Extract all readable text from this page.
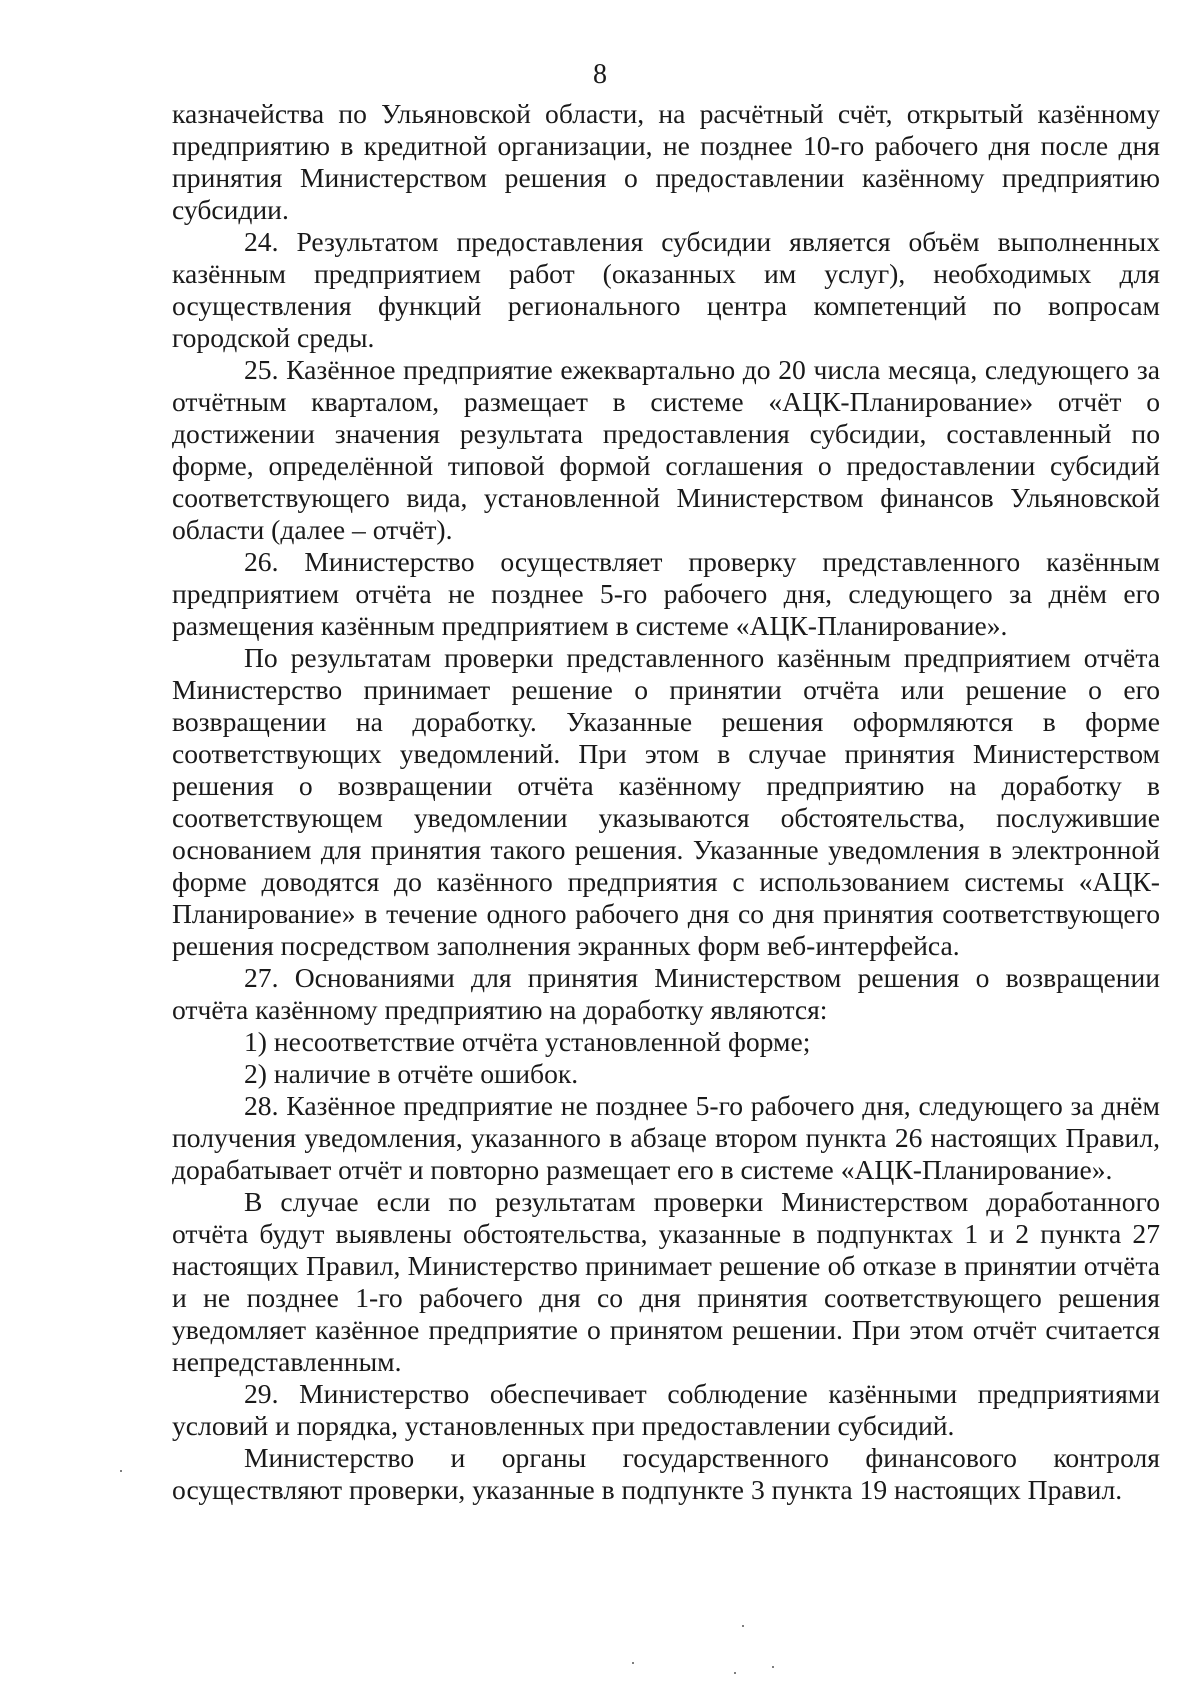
8

казначейства по Ульяновской области, на расчётный счёт, открытый казённому предприятию в кредитной организации, не позднее 10-го рабочего дня после дня принятия Министерством решения о предоставлении казённому предприятию субсидии.

24. Результатом предоставления субсидии является объём выполненных казённым предприятием работ (оказанных им услуг), необходимых для осуществления функций регионального центра компетенций по вопросам городской среды.

25. Казённое предприятие ежеквартально до 20 числа месяца, следующего за отчётным кварталом, размещает в системе «АЦК-Планирование» отчёт о достижении значения результата предоставления субсидии, составленный по форме, определённой типовой формой соглашения о предоставлении субсидий соответствующего вида, установленной Министерством финансов Ульяновской области (далее – отчёт).

26. Министерство осуществляет проверку представленного казённым предприятием отчёта не позднее 5-го рабочего дня, следующего за днём его размещения казённым предприятием в системе «АЦК-Планирование».

По результатам проверки представленного казённым предприятием отчёта Министерство принимает решение о принятии отчёта или решение о его возвращении на доработку. Указанные решения оформляются в форме соответствующих уведомлений. При этом в случае принятия Министерством решения о возвращении отчёта казённому предприятию на доработку в соответствующем уведомлении указываются обстоятельства, послужившие основанием для принятия такого решения. Указанные уведомления в электронной форме доводятся до казённого предприятия с использованием системы «АЦК-Планирование» в течение одного рабочего дня со дня принятия соответствующего решения посредством заполнения экранных форм веб-интерфейса.

27. Основаниями для принятия Министерством решения о возвращении отчёта казённому предприятию на доработку являются:

1) несоответствие отчёта установленной форме;

2) наличие в отчёте ошибок.

28. Казённое предприятие не позднее 5-го рабочего дня, следующего за днём получения уведомления, указанного в абзаце втором пункта 26 настоящих Правил, дорабатывает отчёт и повторно размещает его в системе «АЦК-Планирование».

В случае если по результатам проверки Министерством доработанного отчёта будут выявлены обстоятельства, указанные в подпунктах 1 и 2 пункта 27 настоящих Правил, Министерство принимает решение об отказе в принятии отчёта и не позднее 1-го рабочего дня со дня принятия соответствующего решения уведомляет казённое предприятие о принятом решении. При этом отчёт считается непредставленным.

29. Министерство обеспечивает соблюдение казёнными предприятиями условий и порядка, установленных при предоставлении субсидий.

Министерство и органы государственного финансового контроля осуществляют проверки, указанные в подпункте 3 пункта 19 настоящих Правил.
